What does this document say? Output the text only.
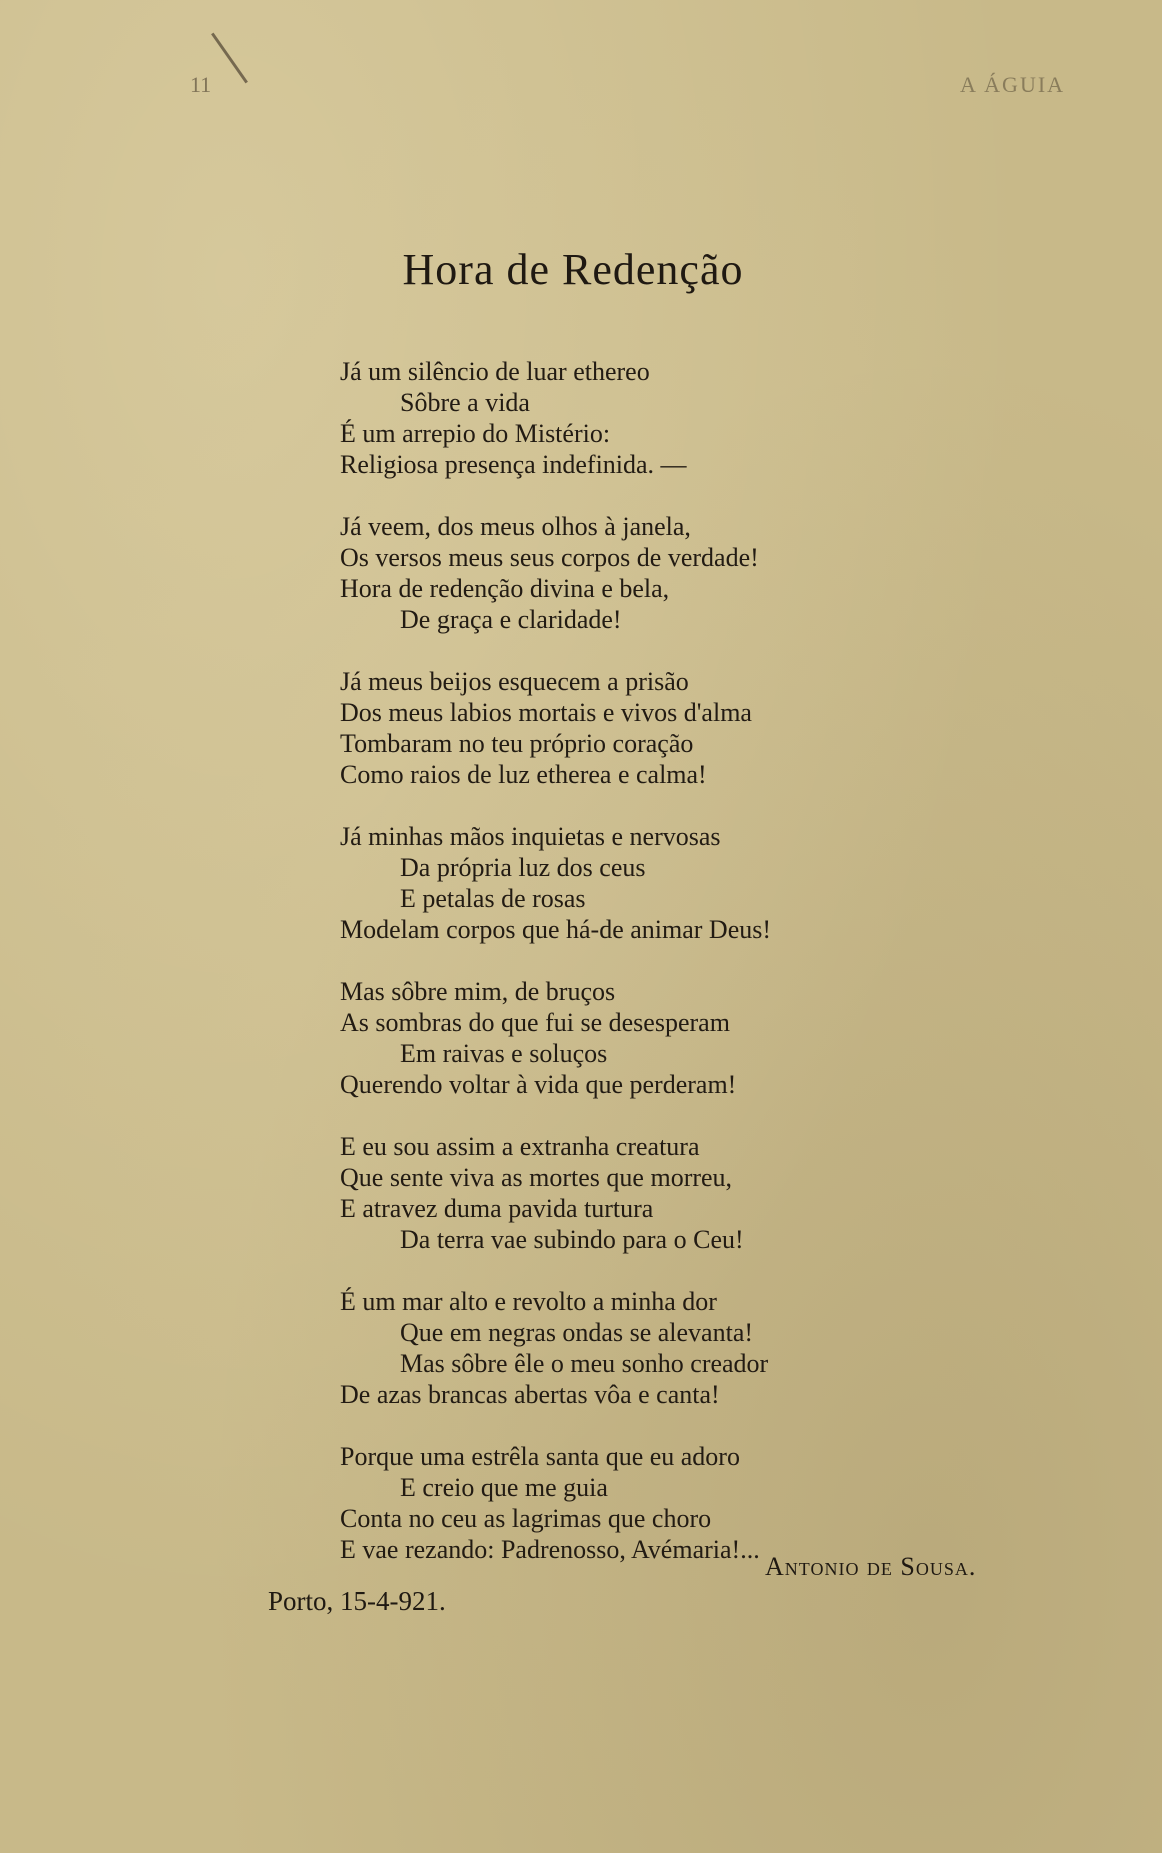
11	A ÁGUIA
Hora de Redenção
Já um silêncio de luar ethereo
Sôbre a vida
É um arrepio do Mistério:
Religiosa presença indefinida. —
Já veem, dos meus olhos à janela,
Os versos meus seus corpos de verdade!
Hora de redenção divina e bela,
De graça e claridade!
Já meus beijos esquecem a prisão
Dos meus labios mortais e vivos d'alma
Tombaram no teu próprio coração
Como raios de luz etherea e calma!
Já minhas mãos inquietas e nervosas
Da própria luz dos ceus
E petalas de rosas
Modelam corpos que há-de animar Deus!
Mas sôbre mim, de bruços
As sombras do que fui se desesperam
Em raivas e soluços
Querendo voltar à vida que perderam!
E eu sou assim a extranha creatura
Que sente viva as mortes que morreu,
E atravez duma pavida turtura
Da terra vae subindo para o Ceu!
É um mar alto e revolto a minha dor
Que em negras ondas se alevanta!
Mas sôbre êle o meu sonho creador
De azas brancas abertas vôa e canta!
Porque uma estrêla santa que eu adoro
E creio que me guia
Conta no ceu as lagrimas que choro
E vae rezando: Padrenosso, Avémaria!...
Antonio de Sousa.
Porto, 15-4-921.
